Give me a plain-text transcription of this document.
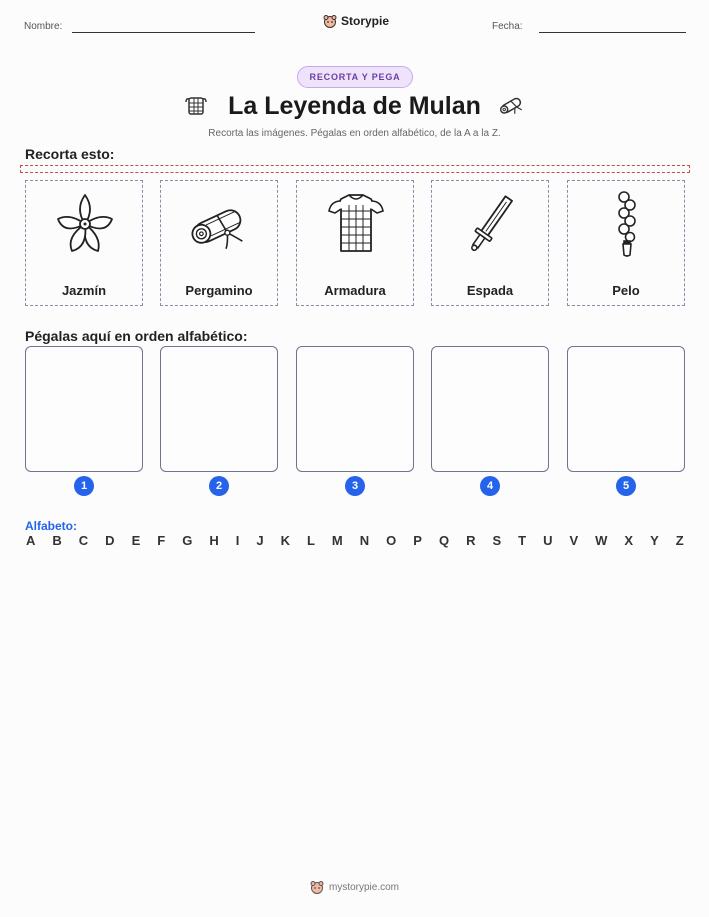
Nombre:	Storypie	Fecha:
RECORTA Y PEGA
La Leyenda de Mulan
Recorta las imágenes. Pégalas en orden alfabético, de la A a la Z.
Recorta esto:
Jazmín	Pergamino	Armadura	Espada	Pelo
Pégalas aquí en orden alfabético:
1	2	3	4	5
Alfabeto:
A B C D E F G H I J K L M N O P Q R S T U V W X Y Z
mystorypie.com
